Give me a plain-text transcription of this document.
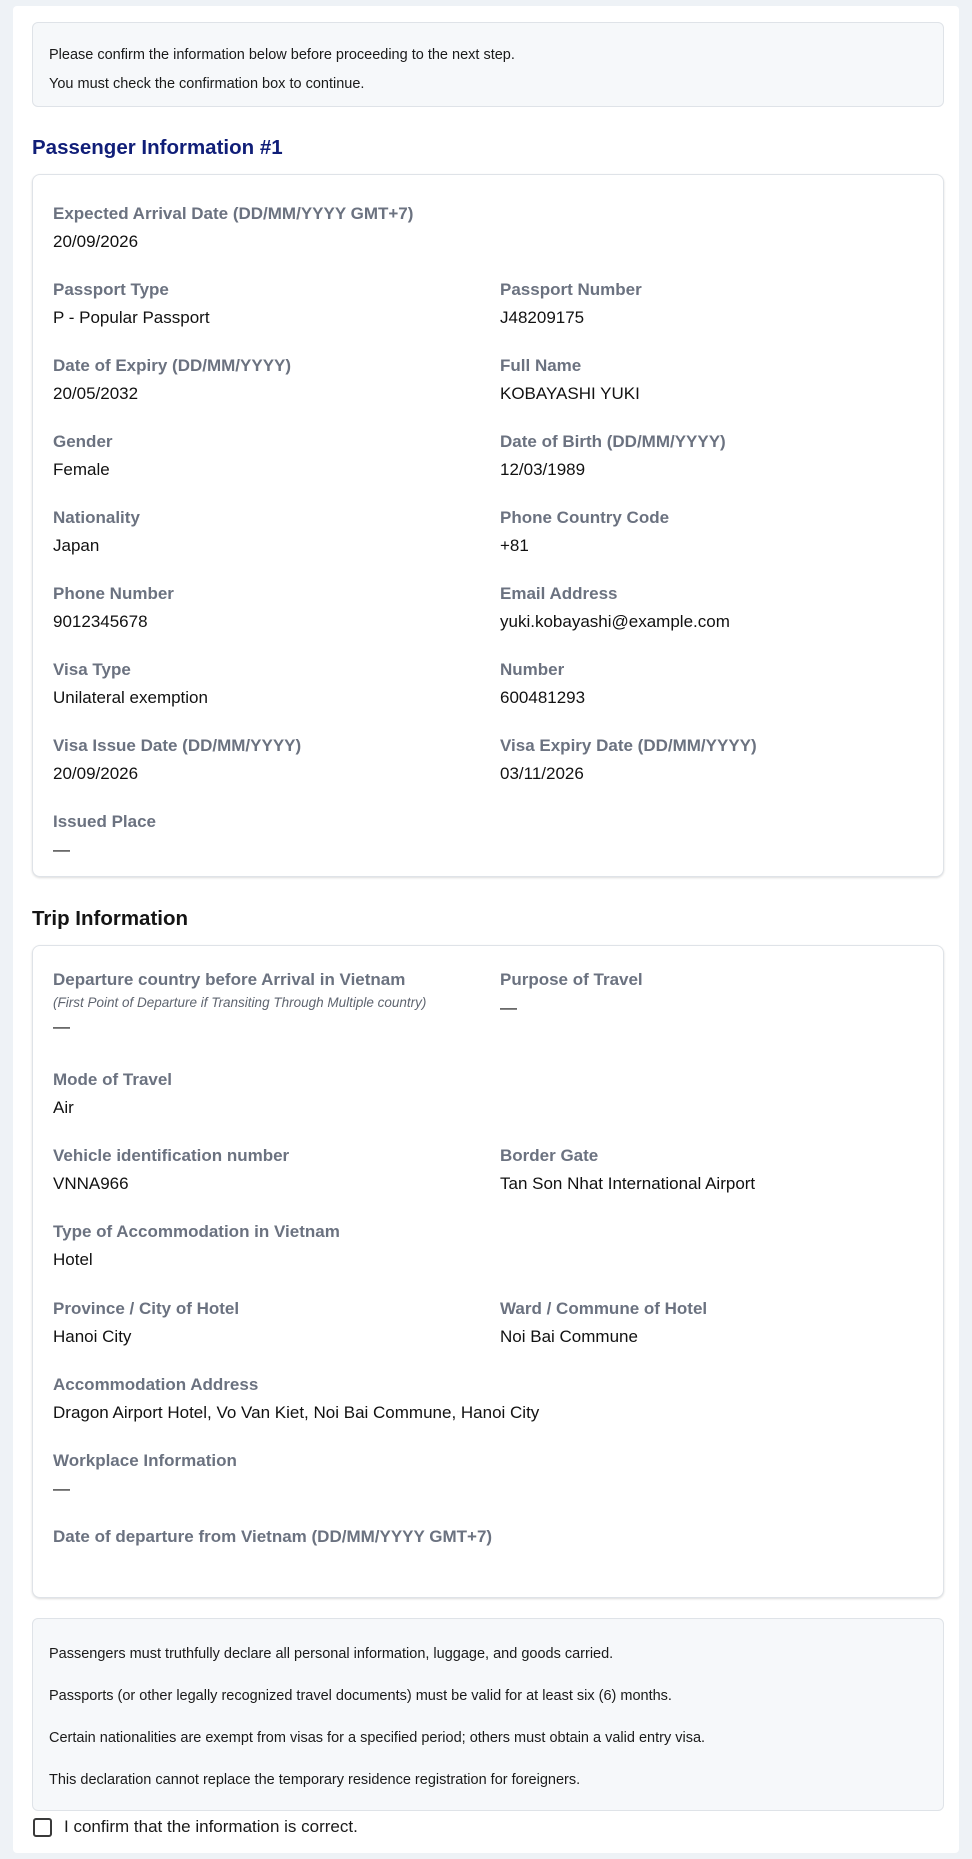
Please confirm the information below before proceeding to the next step.

You must check the confirmation box to continue.

Passenger Information #1
Expected Arrival Date (DD/MM/YYYY GMT+7)
20/09/2026
Passport Type
P - Popular Passport
Passport Number
J48209175
Date of Expiry (DD/MM/YYYY)
20/05/2032
Full Name
KOBAYASHI YUKI
Gender
Female
Date of Birth (DD/MM/YYYY)
12/03/1989
Nationality
Japan
Phone Country Code
+81
Phone Number
9012345678
Email Address
yuki.kobayashi@example.com
Visa Type
Unilateral exemption
Number
600481293
Visa Issue Date (DD/MM/YYYY)
20/09/2026
Visa Expiry Date (DD/MM/YYYY)
03/11/2026
Issued Place
—
Trip Information
Departure country before Arrival in Vietnam
(First Point of Departure if Transiting Through Multiple country)
—
Purpose of Travel
—
Mode of Travel
Air
Vehicle identification number
VNNA966
Border Gate
Tan Son Nhat International Airport
Type of Accommodation in Vietnam
Hotel
Province / City of Hotel
Hanoi City
Ward / Commune of Hotel
Noi Bai Commune
Accommodation Address
Dragon Airport Hotel, Vo Van Kiet, Noi Bai Commune, Hanoi City
Workplace Information
—
Date of departure from Vietnam (DD/MM/YYYY GMT+7)

Passengers must truthfully declare all personal information, luggage, and goods carried.

Passports (or other legally recognized travel documents) must be valid for at least six (6) months.

Certain nationalities are exempt from visas for a specified period; others must obtain a valid entry visa.

This declaration cannot replace the temporary residence registration for foreigners.

I confirm that the information is correct.
